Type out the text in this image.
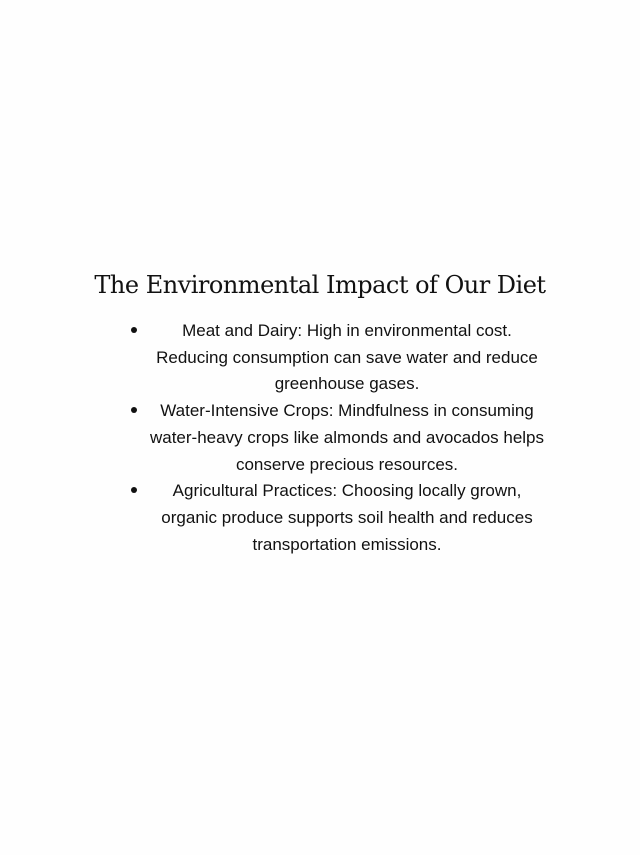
The Environmental Impact of Our Diet
Meat and Dairy: High in environmental cost. Reducing consumption can save water and reduce greenhouse gases.
Water-Intensive Crops: Mindfulness in consuming water-heavy crops like almonds and avocados helps conserve precious resources.
Agricultural Practices: Choosing locally grown, organic produce supports soil health and reduces transportation emissions.
